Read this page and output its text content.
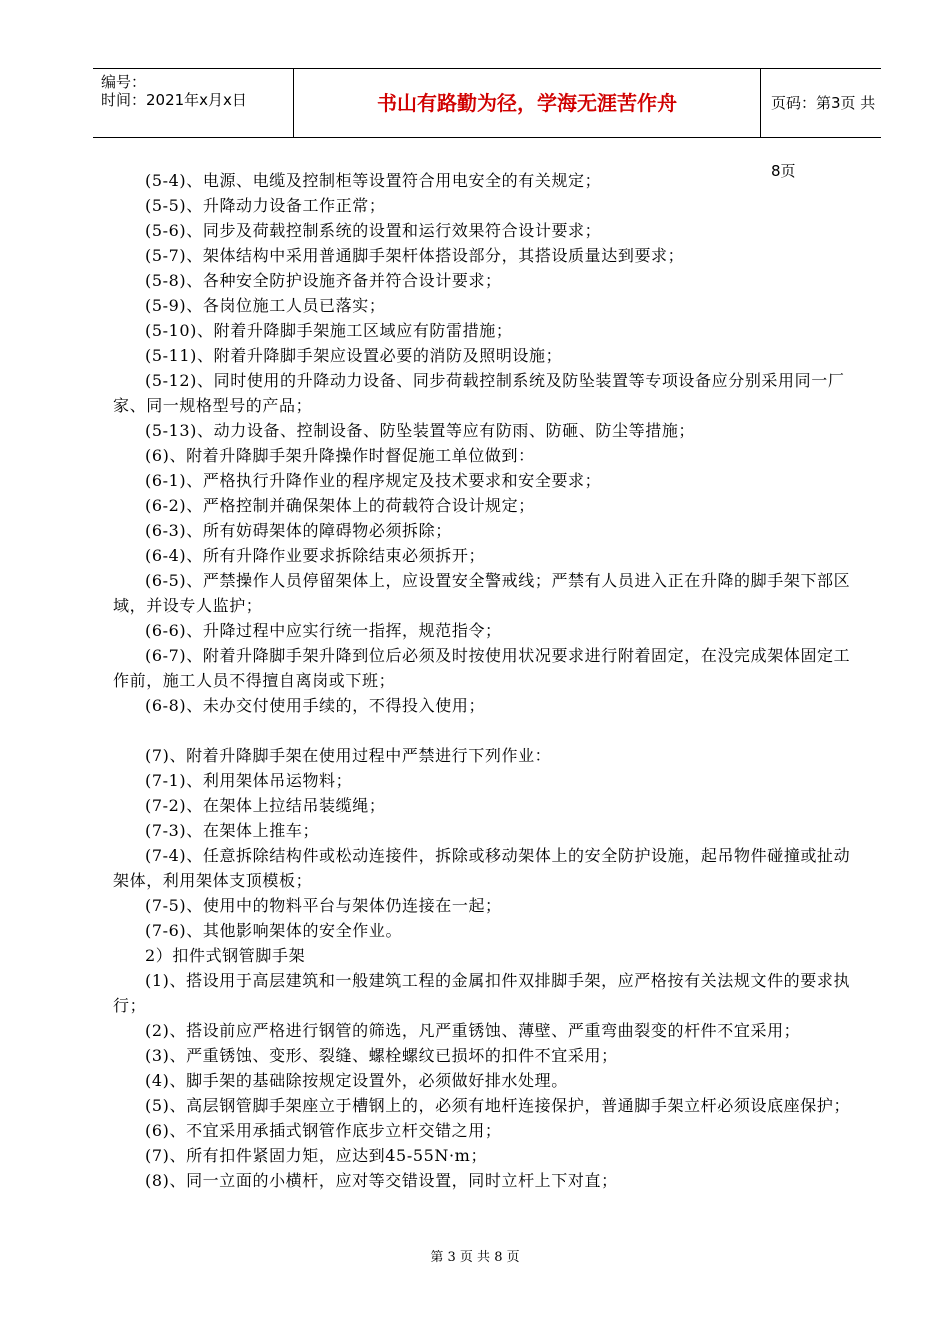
编号：
时间：2021年x月x日	书山有路勤为径，学海无涯苦作舟	页码：第3页 共8页

(5-4)、电源、电缆及控制柜等设置符合用电安全的有关规定；

(5-5)、升降动力设备工作正常；

(5-6)、同步及荷载控制系统的设置和运行效果符合设计要求；

(5-7)、架体结构中采用普通脚手架杆体搭设部分，其搭设质量达到要求；

(5-8)、各种安全防护设施齐备并符合设计要求；

(5-9)、各岗位施工人员已落实；

(5-10)、附着升降脚手架施工区域应有防雷措施；

(5-11)、附着升降脚手架应设置必要的消防及照明设施；

(5-12)、同时使用的升降动力设备、同步荷载控制系统及防坠装置等专项设备应分别采用同一厂家、同一规格型号的产品；

(5-13)、动力设备、控制设备、防坠装置等应有防雨、防砸、防尘等措施；

(6)、附着升降脚手架升降操作时督促施工单位做到：

(6-1)、严格执行升降作业的程序规定及技术要求和安全要求；

(6-2)、严格控制并确保架体上的荷载符合设计规定；

(6-3)、所有妨碍架体的障碍物必须拆除；

(6-4)、所有升降作业要求拆除结束必须拆开；

(6-5)、严禁操作人员停留架体上，应设置安全警戒线；严禁有人员进入正在升降的脚手架下部区域，并设专人监护；

(6-6)、升降过程中应实行统一指挥，规范指令；

(6-7)、附着升降脚手架升降到位后必须及时按使用状况要求进行附着固定，在没完成架体固定工作前，施工人员不得擅自离岗或下班；

(6-8)、未办交付使用手续的，不得投入使用；

(7)、附着升降脚手架在使用过程中严禁进行下列作业：

(7-1)、利用架体吊运物料；

(7-2)、在架体上拉结吊装缆绳；

(7-3)、在架体上推车；

(7-4)、任意拆除结构件或松动连接件，拆除或移动架体上的安全防护设施，起吊物件碰撞或扯动架体，利用架体支顶模板；

(7-5)、使用中的物料平台与架体仍连接在一起；

(7-6)、其他影响架体的安全作业。

2）扣件式钢管脚手架

(1)、搭设用于高层建筑和一般建筑工程的金属扣件双排脚手架，应严格按有关法规文件的要求执行；

(2)、搭设前应严格进行钢管的筛选，凡严重锈蚀、薄壁、严重弯曲裂变的杆件不宜采用；

(3)、严重锈蚀、变形、裂缝、螺栓螺纹已损坏的扣件不宜采用；

(4)、脚手架的基础除按规定设置外，必须做好排水处理。

(5)、高层钢管脚手架座立于槽钢上的，必须有地杆连接保护，普通脚手架立杆必须设底座保护；

(6)、不宜采用承插式钢管作底步立杆交错之用；

(7)、所有扣件紧固力矩，应达到45-55N·m；

(8)、同一立面的小横杆，应对等交错设置，同时立杆上下对直；

第 3 页 共 8 页
